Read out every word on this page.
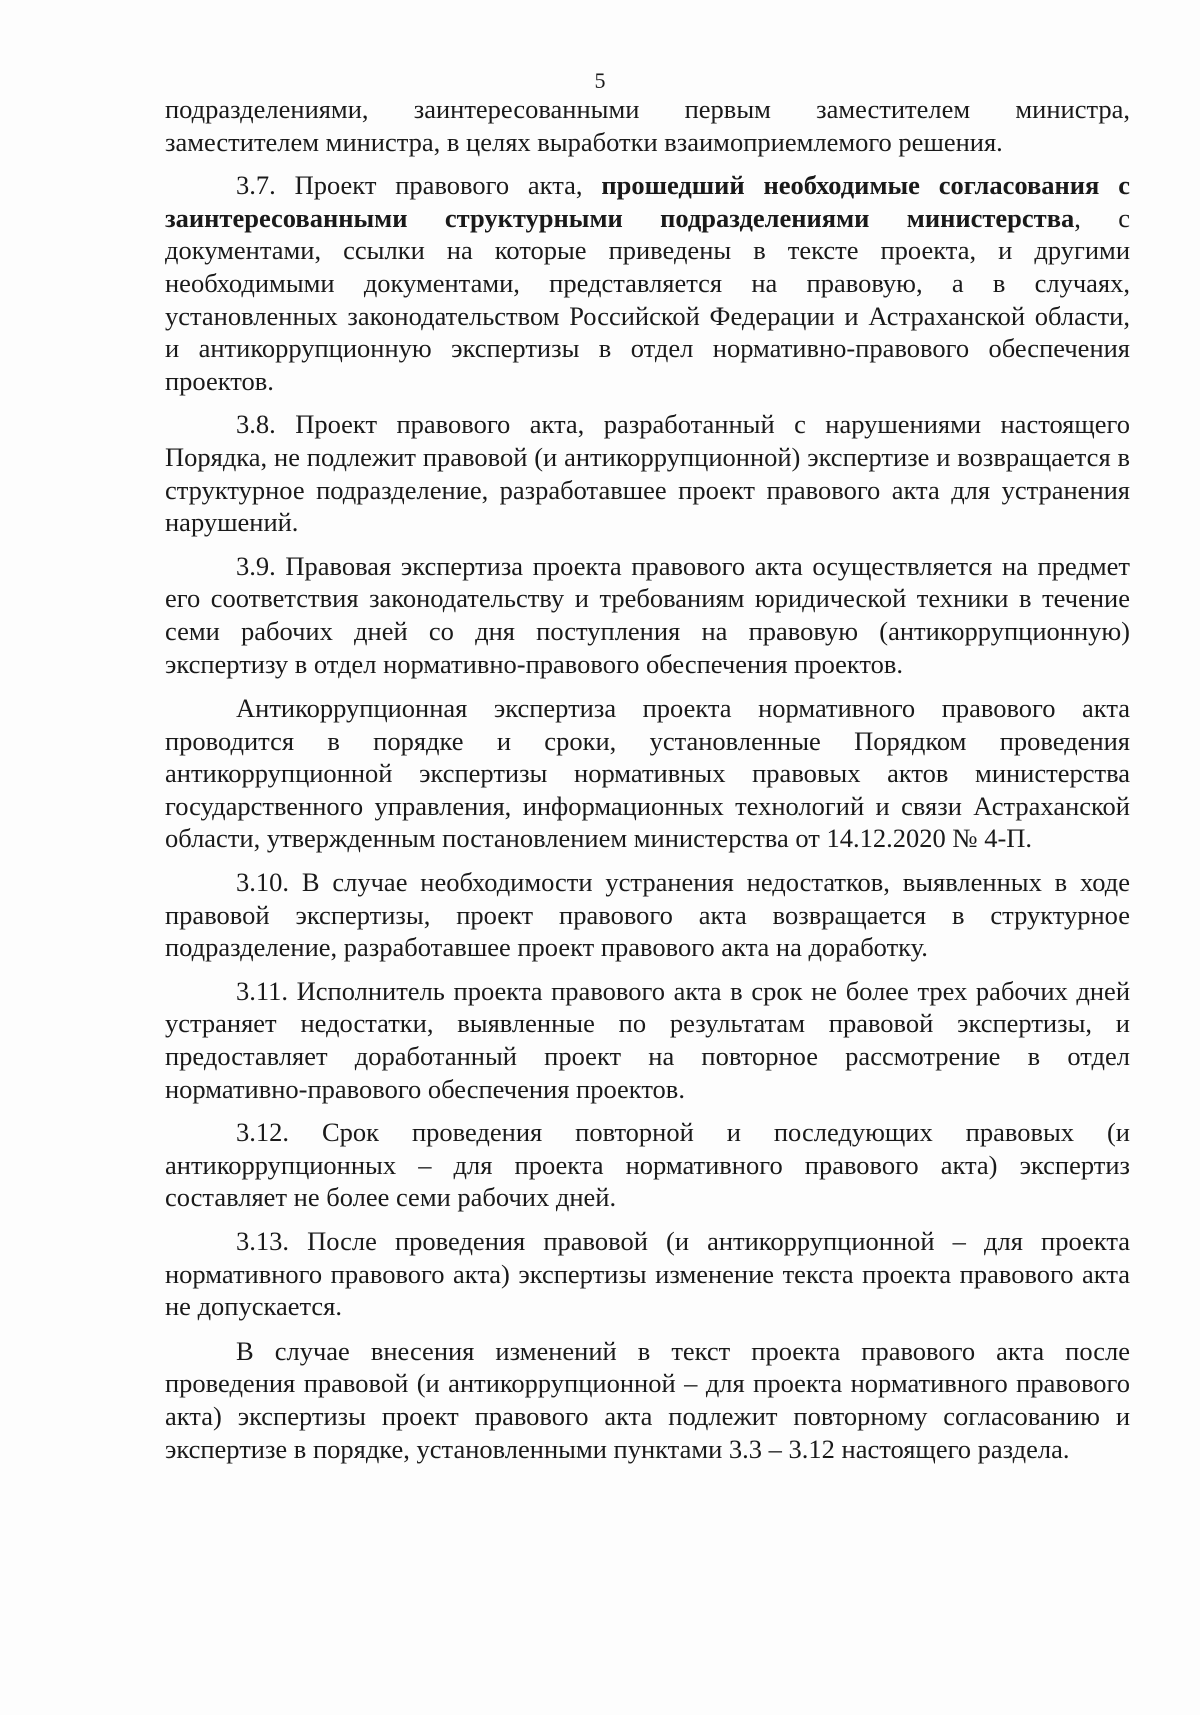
5

подразделениями, заинтересованными первым заместителем министра, заместителем министра, в целях выработки взаимоприемлемого решения.

3.7. Проект правового акта, прошедший необходимые согласования с заинтересованными структурными подразделениями министерства, с документами, ссылки на которые приведены в тексте проекта, и другими необходимыми документами, представляется на правовую, а в случаях, установленных законодательством Российской Федерации и Астраханской области, и антикоррупционную экспертизы в отдел нормативно-правового обеспечения проектов.

3.8. Проект правового акта, разработанный с нарушениями настоящего Порядка, не подлежит правовой (и антикоррупционной) экспертизе и возвращается в структурное подразделение, разработавшее проект правового акта для устранения нарушений.

3.9. Правовая экспертиза проекта правового акта осуществляется на предмет его соответствия законодательству и требованиям юридической техники в течение семи рабочих дней со дня поступления на правовую (антикоррупционную) экспертизу в отдел нормативно-правового обеспечения проектов.

Антикоррупционная экспертиза проекта нормативного правового акта проводится в порядке и сроки, установленные Порядком проведения антикоррупционной экспертизы нормативных правовых актов министерства государственного управления, информационных технологий и связи Астраханской области, утвержденным постановлением министерства от 14.12.2020 № 4-П.

3.10. В случае необходимости устранения недостатков, выявленных в ходе правовой экспертизы, проект правового акта возвращается в структурное подразделение, разработавшее проект правового акта на доработку.

3.11. Исполнитель проекта правового акта в срок не более трех рабочих дней устраняет недостатки, выявленные по результатам правовой экспертизы, и предоставляет доработанный проект на повторное рассмотрение в отдел нормативно-правового обеспечения проектов.

3.12. Срок проведения повторной и последующих правовых (и антикоррупционных – для проекта нормативного правового акта) экспертиз составляет не более семи рабочих дней.

3.13. После проведения правовой (и антикоррупционной – для проекта нормативного правового акта) экспертизы изменение текста проекта правового акта не допускается.

В случае внесения изменений в текст проекта правового акта после проведения правовой (и антикоррупционной – для проекта нормативного правового акта) экспертизы проект правового акта подлежит повторному согласованию и экспертизе в порядке, установленными пунктами 3.3 – 3.12 настоящего раздела.
